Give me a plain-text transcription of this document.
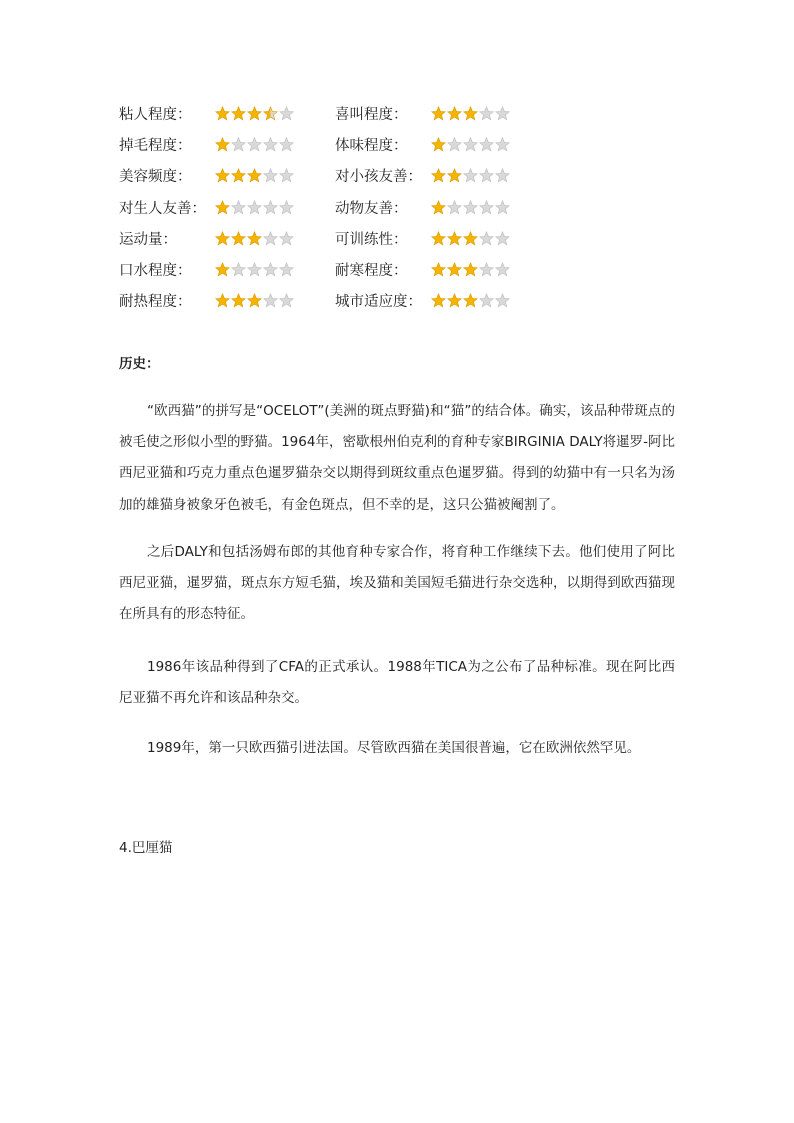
粘人程度：	喜叫程度：
掉毛程度：	体味程度：
美容频度：	对小孩友善：
对生人友善：	动物友善：
运动量：	可训练性：
口水程度：	耐寒程度：
耐热程度：	城市适应度：
历史：

“欧西猫”的拼写是“OCELOT”(美洲的斑点野猫)和“猫”的结合体。确实，该品种带斑点的被毛使之形似小型的野猫。1964年，密歇根州伯克利的育种专家BIRGINIA DALY将暹罗-阿比西尼亚猫和巧克力重点色暹罗猫杂交以期得到斑纹重点色暹罗猫。得到的幼猫中有一只名为汤加的雄猫身被象牙色被毛，有金色斑点，但不幸的是，这只公猫被阉割了。

之后DALY和包括汤姆布郎的其他育种专家合作，将育种工作继续下去。他们使用了阿比西尼亚猫，暹罗猫，斑点东方短毛猫，埃及猫和美国短毛猫进行杂交选种，以期得到欧西猫现在所具有的形态特征。

1986年该品种得到了CFA的正式承认。1988年TICA为之公布了品种标准。现在阿比西尼亚猫不再允许和该品种杂交。

1989年，第一只欧西猫引进法国。尽管欧西猫在美国很普遍，它在欧洲依然罕见。

4.巴厘猫
